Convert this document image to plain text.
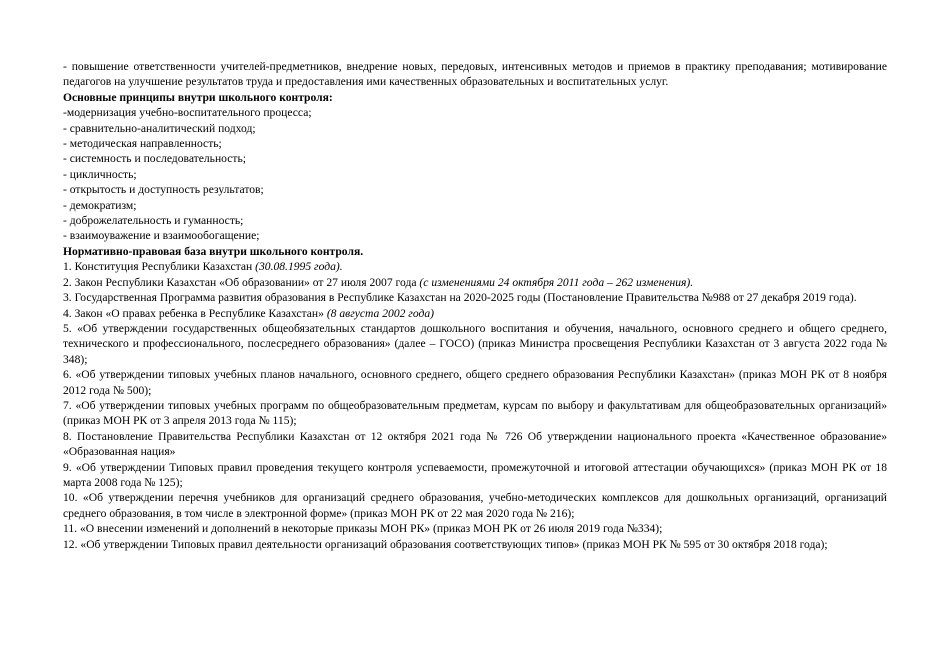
- повышение ответственности учителей-предметников, внедрение новых, передовых, интенсивных методов и приемов в практику преподавания; мотивирование педагогов на улучшение результатов труда и предоставления ими качественных образовательных и воспитательных услуг.

Основные принципы внутри школьного контроля:

-модернизация учебно-воспитательного процесса;

- сравнительно-аналитический подход;

- методическая направленность;

- системность и последовательность;

- цикличность;

- открытость и доступность результатов;

- демократизм;

- доброжелательность и гуманность;

- взаимоуважение и взаимообогащение;

Нормативно-правовая база внутри школьного контроля.

1. Конституция Республики Казахстан (30.08.1995 года).

2. Закон Республики Казахстан «Об образовании» от 27 июля 2007 года (с изменениями 24 октября 2011 года – 262 изменения).

3. Государственная Программа развития образования в Республике Казахстан на 2020-2025 годы (Постановление Правительства №988 от 27 декабря 2019 года).

4. Закон «О правах ребенка в Республике Казахстан» (8 августа 2002 года)

5. «Об утверждении государственных общеобязательных стандартов дошкольного воспитания и обучения, начального, основного среднего и общего среднего, технического и профессионального, послесреднего образования» (далее – ГОСО) (приказ Министра просвещения Республики Казахстан от 3 августа 2022 года № 348);

6. «Об утверждении типовых учебных планов начального, основного среднего, общего среднего образования Республики Казахстан» (приказ МОН РК от 8 ноября 2012 года № 500);

7. «Об утверждении типовых учебных программ по общеобразовательным предметам, курсам по выбору и факультативам для общеобразовательных организаций» (приказ МОН РК от 3 апреля 2013 года № 115);

8. Постановление Правительства Республики Казахстан от 12 октября 2021 года № 726 Об утверждении национального проекта «Качественное образование» «Образованная нация»

9. «Об утверждении Типовых правил проведения текущего контроля успеваемости, промежуточной и итоговой аттестации обучающихся» (приказ МОН РК от 18 марта 2008 года № 125);

10. «Об утверждении перечня учебников для организаций среднего образования, учебно-методических комплексов для дошкольных организаций, организаций среднего образования, в том числе в электронной форме» (приказ МОН РК от 22 мая 2020 года № 216);

11. «О внесении изменений и дополнений в некоторые приказы МОН РК» (приказ МОН РК от 26 июля 2019 года №334);

12. «Об утверждении Типовых правил деятельности организаций образования соответствующих типов» (приказ МОН РК № 595 от 30 октября 2018 года);
